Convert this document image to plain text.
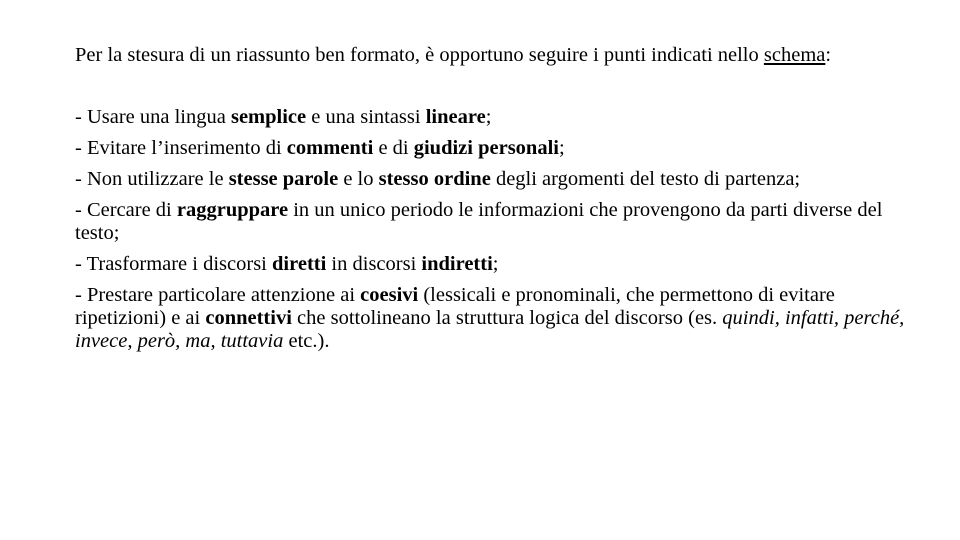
Per la stesura di un riassunto ben formato, è opportuno seguire i punti indicati nello schema:

- Usare una lingua semplice e una sintassi lineare;

- Evitare l’inserimento di commenti e di giudizi personali;

- Non utilizzare le stesse parole e lo stesso ordine degli argomenti del testo di partenza;

- Cercare di raggruppare in un unico periodo le informazioni che provengono da parti diverse del testo;

- Trasformare i discorsi diretti in discorsi indiretti;

- Prestare particolare attenzione ai coesivi (lessicali e pronominali, che permettono di evitare ripetizioni) e ai connettivi che sottolineano la struttura logica del discorso (es. quindi, infatti, perché, invece, però, ma, tuttavia etc.).
